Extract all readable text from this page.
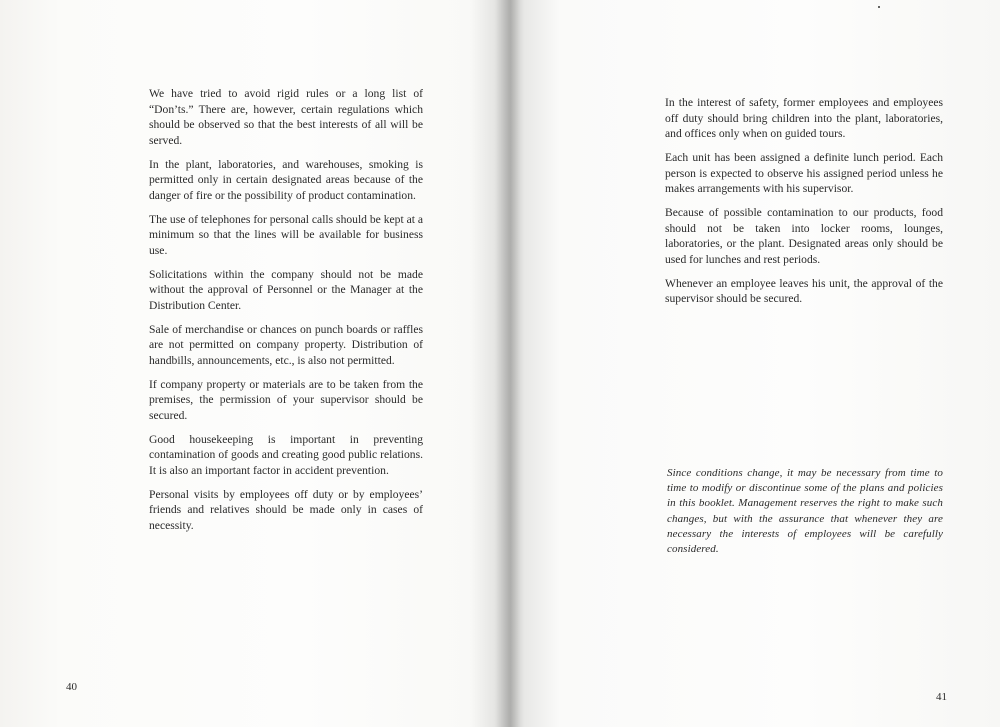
We have tried to avoid rigid rules or a long list of “Don’ts.” There are, however, certain regulations which should be observed so that the best interests of all will be served.

In the plant, laboratories, and warehouses, smoking is permitted only in certain designated areas because of the danger of fire or the possibility of product contamination.

The use of telephones for personal calls should be kept at a minimum so that the lines will be available for business use.

Solicitations within the company should not be made without the approval of Personnel or the Manager at the Distribution Center.

Sale of merchandise or chances on punch boards or raffles are not permitted on company property. Distribution of handbills, announcements, etc., is also not permitted.

If company property or materials are to be taken from the premises, the permission of your supervisor should be secured.

Good housekeeping is important in preventing contamination of goods and creating good public relations. It is also an important factor in accident prevention.

Personal visits by employees off duty or by employees’ friends and relatives should be made only in cases of necessity.

40

In the interest of safety, former employees and employees off duty should bring children into the plant, laboratories, and offices only when on guided tours.

Each unit has been assigned a definite lunch period. Each person is expected to observe his assigned period unless he makes arrangements with his supervisor.

Because of possible contamination to our products, food should not be taken into locker rooms, lounges, laboratories, or the plant. Designated areas only should be used for lunches and rest periods.

Whenever an employee leaves his unit, the approval of the supervisor should be secured.

Since conditions change, it may be necessary from time to time to modify or discontinue some of the plans and policies in this booklet. Management reserves the right to make such changes, but with the assurance that whenever they are necessary the interests of employees will be carefully considered.

41
